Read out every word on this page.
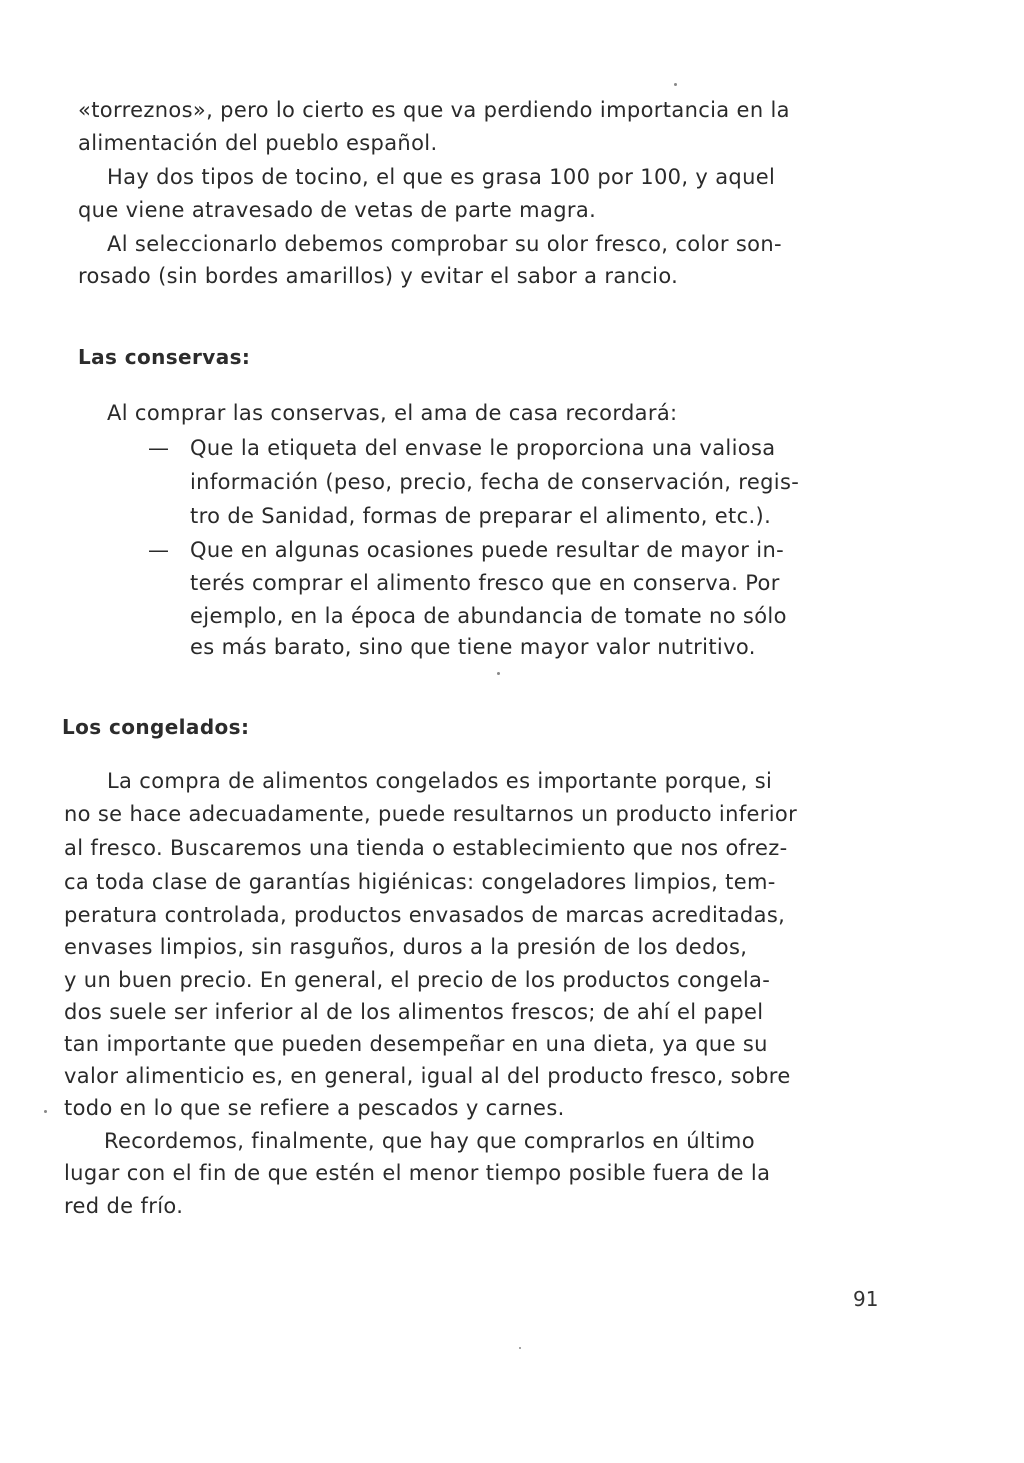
«torreznos», pero lo cierto es que va perdiendo importancia en la
alimentación del pueblo español.
Hay dos tipos de tocino, el que es grasa 100 por 100, y aquel
que viene atravesado de vetas de parte magra.
Al seleccionarlo debemos comprobar su olor fresco, color son-
rosado (sin bordes amarillos) y evitar el sabor a rancio.
Las conservas:
Al comprar las conservas, el ama de casa recordará:
— Que la etiqueta del envase le proporciona una valiosa
información (peso, precio, fecha de conservación, regis-
tro de Sanidad, formas de preparar el alimento, etc.).
— Que en algunas ocasiones puede resultar de mayor in-
terés comprar el alimento fresco que en conserva. Por
ejemplo, en la época de abundancia de tomate no sólo
es más barato, sino que tiene mayor valor nutritivo.
Los congelados:
La compra de alimentos congelados es importante porque, si
no se hace adecuadamente, puede resultarnos un producto inferior
al fresco. Buscaremos una tienda o establecimiento que nos ofrez-
ca toda clase de garantías higiénicas: congeladores limpios, tem-
peratura controlada, productos envasados de marcas acreditadas,
envases limpios, sin rasguños, duros a la presión de los dedos,
y un buen precio. En general, el precio de los productos congela-
dos suele ser inferior al de los alimentos frescos; de ahí el papel
tan importante que pueden desempeñar en una dieta, ya que su
valor alimenticio es, en general, igual al del producto fresco, sobre
todo en lo que se refiere a pescados y carnes.
Recordemos, finalmente, que hay que comprarlos en último
lugar con el fin de que estén el menor tiempo posible fuera de la
red de frío.
91
